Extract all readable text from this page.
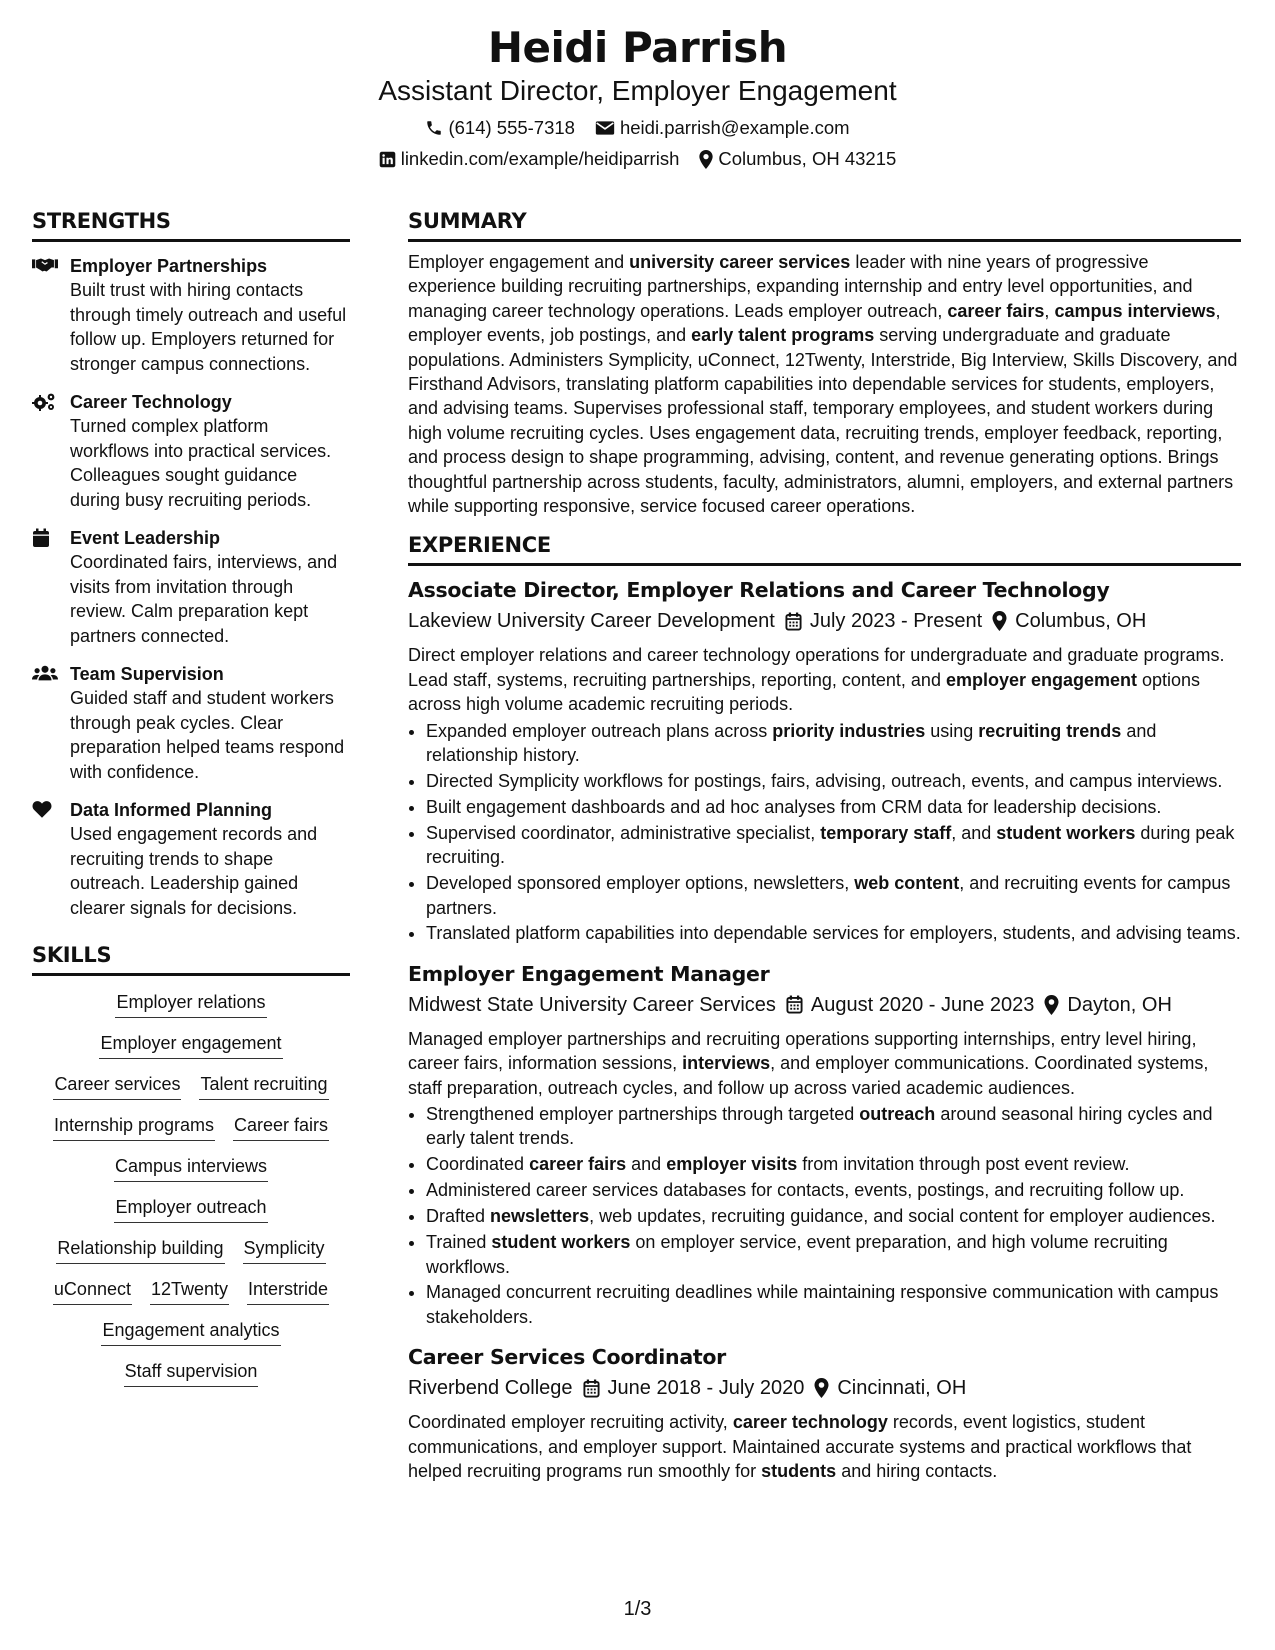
Heidi Parrish
Assistant Director, Employer Engagement
(614) 555-7318 heidi.parrish@example.com
linkedin.com/example/heidiparrish Columbus, OH 43215
STRENGTHS
Employer Partnerships
Built trust with hiring contacts through timely outreach and useful follow up. Employers returned for stronger campus connections.
Career Technology
Turned complex platform workflows into practical services. Colleagues sought guidance during busy recruiting periods.
Event Leadership
Coordinated fairs, interviews, and visits from invitation through review. Calm preparation kept partners connected.
Team Supervision
Guided staff and student workers through peak cycles. Clear preparation helped teams respond with confidence.
Data Informed Planning
Used engagement records and recruiting trends to shape outreach. Leadership gained clearer signals for decisions.
SKILLS
Employer relations
Employer engagement
Career services Talent recruiting
Internship programs Career fairs
Campus interviews
Employer outreach
Relationship building Symplicity
uConnect 12Twenty Interstride
Engagement analytics
Staff supervision
SUMMARY
Employer engagement and university career services leader with nine years of progressive experience building recruiting partnerships, expanding internship and entry level opportunities, and managing career technology operations. Leads employer outreach, career fairs, campus interviews, employer events, job postings, and early talent programs serving undergraduate and graduate populations. Administers Symplicity, uConnect, 12Twenty, Interstride, Big Interview, Skills Discovery, and Firsthand Advisors, translating platform capabilities into dependable services for students, employers, and advising teams. Supervises professional staff, temporary employees, and student workers during high volume recruiting cycles. Uses engagement data, recruiting trends, employer feedback, reporting, and process design to shape programming, advising, content, and revenue generating options. Brings thoughtful partnership across students, faculty, administrators, alumni, employers, and external partners while supporting responsive, service focused career operations.
EXPERIENCE
Associate Director, Employer Relations and Career Technology
Lakeview University Career Development July 2023 - Present Columbus, OH
Direct employer relations and career technology operations for undergraduate and graduate programs. Lead staff, systems, recruiting partnerships, reporting, content, and employer engagement options across high volume academic recruiting periods.
• Expanded employer outreach plans across priority industries using recruiting trends and relationship history.
• Directed Symplicity workflows for postings, fairs, advising, outreach, events, and campus interviews.
• Built engagement dashboards and ad hoc analyses from CRM data for leadership decisions.
• Supervised coordinator, administrative specialist, temporary staff, and student workers during peak recruiting.
• Developed sponsored employer options, newsletters, web content, and recruiting events for campus partners.
• Translated platform capabilities into dependable services for employers, students, and advising teams.
Employer Engagement Manager
Midwest State University Career Services August 2020 - June 2023 Dayton, OH
Managed employer partnerships and recruiting operations supporting internships, entry level hiring, career fairs, information sessions, interviews, and employer communications. Coordinated systems, staff preparation, outreach cycles, and follow up across varied academic audiences.
• Strengthened employer partnerships through targeted outreach around seasonal hiring cycles and early talent trends.
• Coordinated career fairs and employer visits from invitation through post event review.
• Administered career services databases for contacts, events, postings, and recruiting follow up.
• Drafted newsletters, web updates, recruiting guidance, and social content for employer audiences.
• Trained student workers on employer service, event preparation, and high volume recruiting workflows.
• Managed concurrent recruiting deadlines while maintaining responsive communication with campus stakeholders.
Career Services Coordinator
Riverbend College June 2018 - July 2020 Cincinnati, OH
Coordinated employer recruiting activity, career technology records, event logistics, student communications, and employer support. Maintained accurate systems and practical workflows that helped recruiting programs run smoothly for students and hiring contacts.
1/3
